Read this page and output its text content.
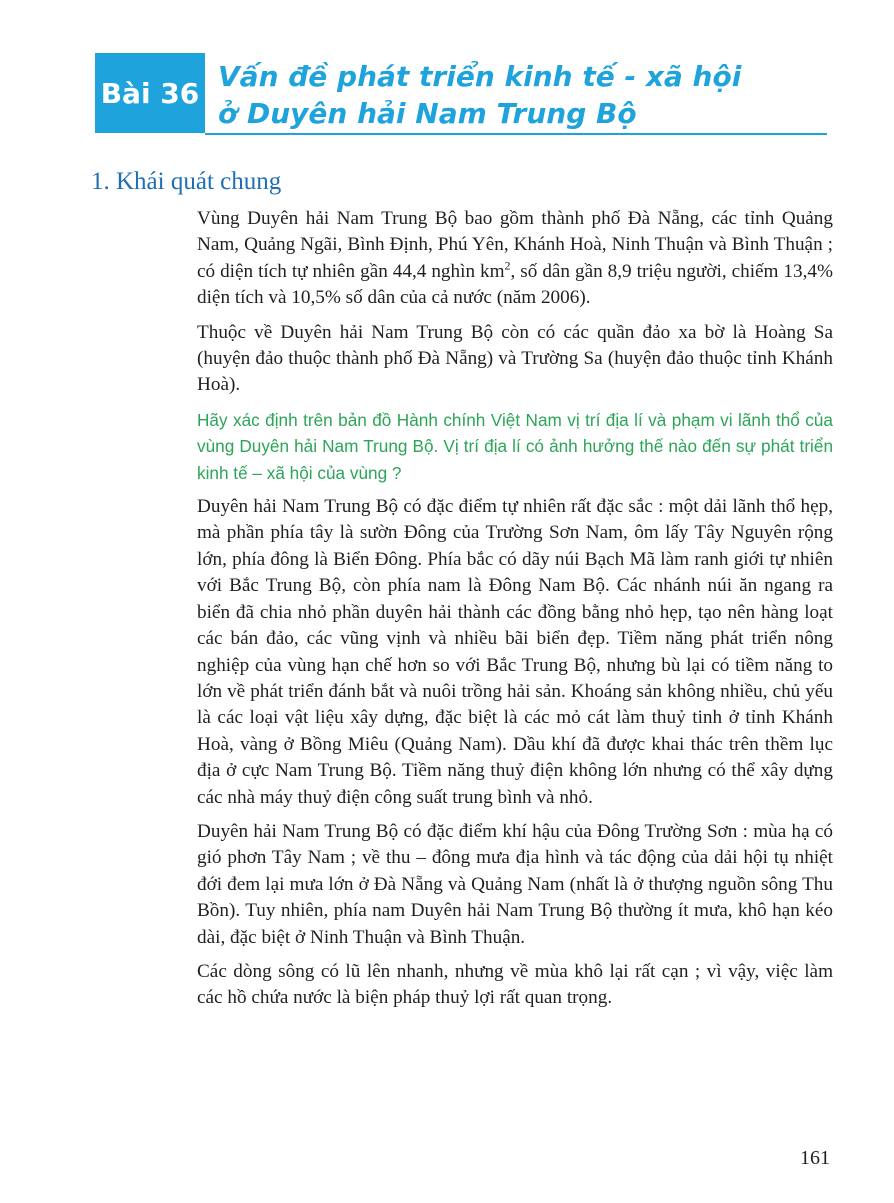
Bài 36 Vấn đề phát triển kinh tế - xã hội
ở Duyên hải Nam Trung Bộ
1. Khái quát chung

Vùng Duyên hải Nam Trung Bộ bao gồm thành phố Đà Nẵng, các tỉnh Quảng Nam, Quảng Ngãi, Bình Định, Phú Yên, Khánh Hoà, Ninh Thuận và Bình Thuận ; có diện tích tự nhiên gần 44,4 nghìn $km^2$, số dân gần 8,9 triệu người, chiếm 13,4% diện tích và 10,5% số dân của cả nước (năm 2006).

Thuộc về Duyên hải Nam Trung Bộ còn có các quần đảo xa bờ là Hoàng Sa (huyện đảo thuộc thành phố Đà Nẵng) và Trường Sa (huyện đảo thuộc tỉnh Khánh Hoà).

Hãy xác định trên bản đồ Hành chính Việt Nam vị trí địa lí và phạm vi lãnh thổ của vùng Duyên hải Nam Trung Bộ. Vị trí địa lí có ảnh hưởng thế nào đến sự phát triển kinh tế – xã hội của vùng ?

Duyên hải Nam Trung Bộ có đặc điểm tự nhiên rất đặc sắc : một dải lãnh thổ hẹp, mà phần phía tây là sườn Đông của Trường Sơn Nam, ôm lấy Tây Nguyên rộng lớn, phía đông là Biển Đông. Phía bắc có dãy núi Bạch Mã làm ranh giới tự nhiên với Bắc Trung Bộ, còn phía nam là Đông Nam Bộ. Các nhánh núi ăn ngang ra biển đã chia nhỏ phần duyên hải thành các đồng bằng nhỏ hẹp, tạo nên hàng loạt các bán đảo, các vũng vịnh và nhiều bãi biển đẹp. Tiềm năng phát triển nông nghiệp của vùng hạn chế hơn so với Bắc Trung Bộ, nhưng bù lại có tiềm năng to lớn về phát triển đánh bắt và nuôi trồng hải sản. Khoáng sản không nhiều, chủ yếu là các loại vật liệu xây dựng, đặc biệt là các mỏ cát làm thuỷ tinh ở tỉnh Khánh Hoà, vàng ở Bồng Miêu (Quảng Nam). Dầu khí đã được khai thác trên thềm lục địa ở cực Nam Trung Bộ. Tiềm năng thuỷ điện không lớn nhưng có thể xây dựng các nhà máy thuỷ điện công suất trung bình và nhỏ.

Duyên hải Nam Trung Bộ có đặc điểm khí hậu của Đông Trường Sơn : mùa hạ có gió phơn Tây Nam ; về thu – đông mưa địa hình và tác động của dải hội tụ nhiệt đới đem lại mưa lớn ở Đà Nẵng và Quảng Nam (nhất là ở thượng nguồn sông Thu Bồn). Tuy nhiên, phía nam Duyên hải Nam Trung Bộ thường ít mưa, khô hạn kéo dài, đặc biệt ở Ninh Thuận và Bình Thuận.

Các dòng sông có lũ lên nhanh, nhưng về mùa khô lại rất cạn ; vì vậy, việc làm các hồ chứa nước là biện pháp thuỷ lợi rất quan trọng.

161
